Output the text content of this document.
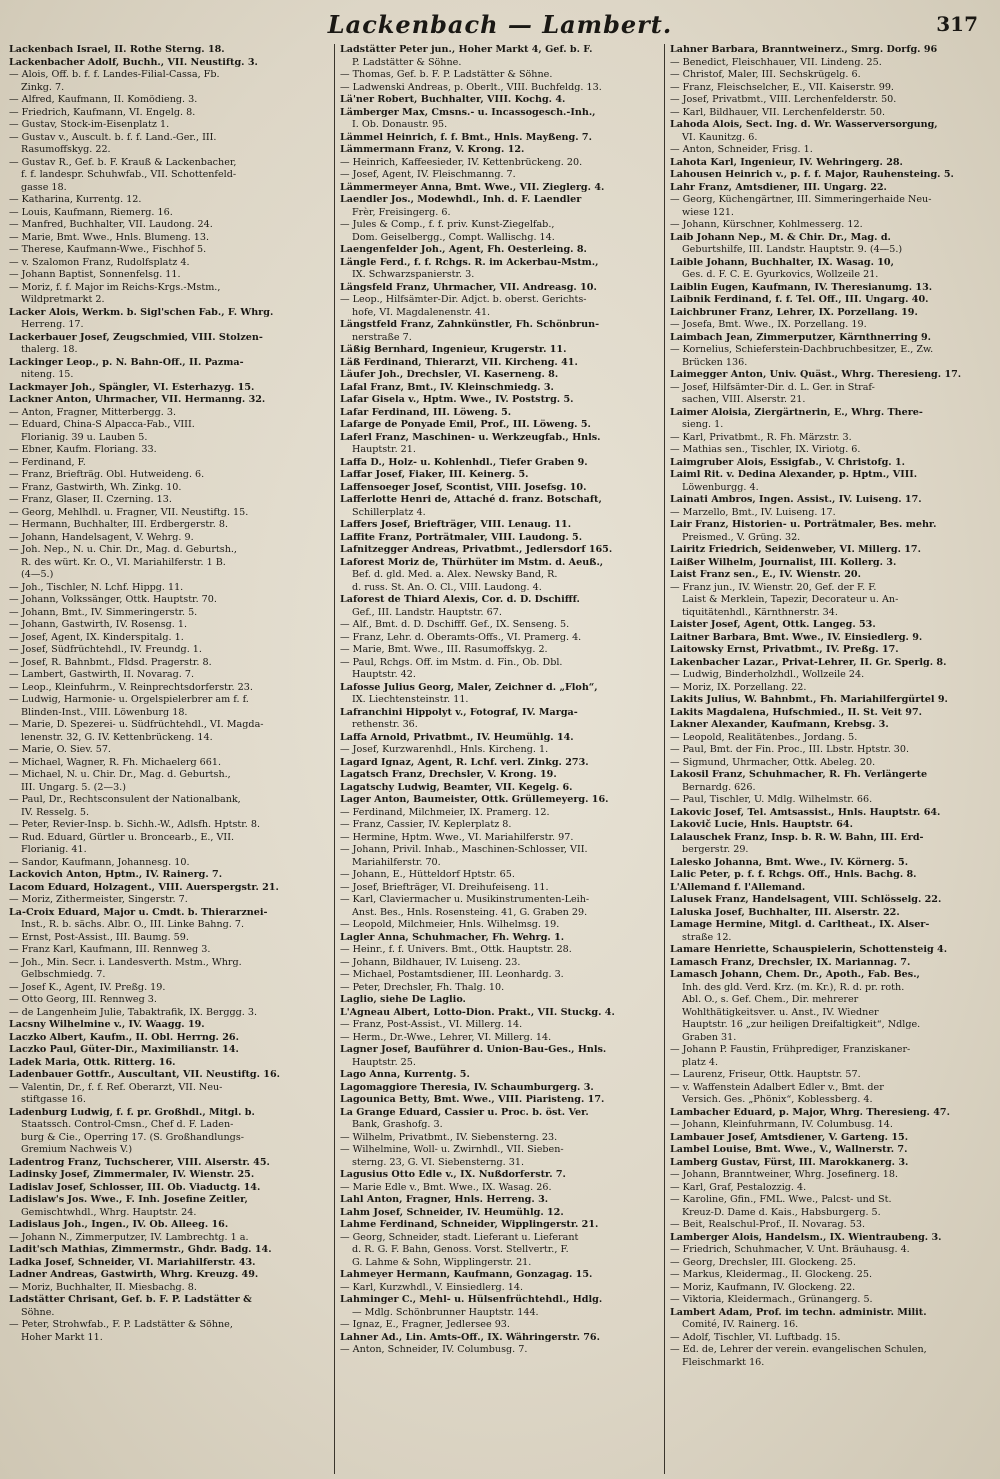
Lackenbach — Lambert.	317
Lackenbach Israel, II. Rothe Sterng. 18.
Lackenbacher Adolf, Buchh., VII. Neustiftg. 3.
— Alois, Off. b. f. f. Landes-Filial-Cassa, Fb.
Zinkg. 7.
— Alfred, Kaufmann, II. Komödieng. 3.
— Friedrich, Kaufmann, VI. Engelg. 8.
— Gustav, Stock-im-Eisenplatz 1.
— Gustav v., Auscult. b. f. f. Land.-Ger., III.
Rasumoffskyg. 22.
— Gustav R., Gef. b. F. Krauß & Lackenbacher,
f. f. landespr. Schuhwfab., VII. Schottenfeld-
gasse 18.
— Katharina, Kurrentg. 12.
— Louis, Kaufmann, Riemerg. 16.
— Manfred, Buchhalter, VII. Laudong. 24.
— Marie, Bmt. Wwe., Hnls. Blumeng. 13.
— Therese, Kaufmann-Wwe., Fischhof 5.
— v. Szalomon Franz, Rudolfsplatz 4.
— Johann Baptist, Sonnenfelsg. 11.
— Moriz, f. f. Major im Reichs-Krgs.-Mstm.,
Wildpretmarkt 2.
Lacker Alois, Werkm. b. Sigl'schen Fab., F. Whrg.
Herreng. 17.
Lackerbauer Josef, Zeugschmied, VIII. Stolzen-
thalerg. 18.
Lackinger Leop., p. N. Bahn-Off., II. Pazma-
niteng. 15.
Lackmayer Joh., Spängler, VI. Esterhazyg. 15.
Lackner Anton, Uhrmacher, VII. Hermanng. 32.
— Anton, Fragner, Mitterbergg. 3.
— Eduard, China-S Alpacca-Fab., VIII.
Florianig. 39 u. Lauben 5.
— Ebner, Kaufm. Floriang. 33.
— Ferdinand, F.
— Franz, Briefträg. Obl. Hutweideng. 6.
— Franz, Gastwirth, Wh. Zinkg. 10.
— Franz, Glaser, II. Czerning. 13.
— Georg, Mehlhdl. u. Fragner, VII. Neustiftg. 15.
— Hermann, Buchhalter, III. Erdbergerstr. 8.
— Johann, Handelsagent, V. Wehrg. 9.
— Joh. Nep., N. u. Chir. Dr., Mag. d. Geburtsh.,
R. des würt. Kr. O., VI. Mariahilferstr. 1 B.
(4—5.)
— Joh., Tischler, N. Lchf. Hippg. 11.
— Johann, Volkssänger, Ottk. Hauptstr. 70.
— Johann, Bmt., IV. Simmeringerstr. 5.
— Johann, Gastwirth, IV. Rosensg. 1.
— Josef, Agent, IX. Kinderspitalg. 1.
— Josef, Südfrüchtehdl., IV. Freundg. 1.
— Josef, R. Bahnbmt., Fldsd. Pragerstr. 8.
— Lambert, Gastwirth, II. Novarag. 7.
— Leop., Kleinfuhrm., V. Reinprechtsdorferstr. 23.
— Ludwig, Harmonie- u. Orgelspielerbrer am f. f.
Blinden-Inst., VIII. Löwenburg 18.
— Marie, D. Spezerei- u. Südfrüchtehdl., VI. Magda-
lenenstr. 32, G. IV. Kettenbrückeng. 14.
— Marie, O. Siev. 57.
— Michael, Wagner, R. Fh. Michaelerg 661.
— Michael, N. u. Chir. Dr., Mag. d. Geburtsh.,
III. Ungarg. 5. (2—3.)
— Paul, Dr., Rechtsconsulent der Nationalbank,
IV. Resselg. 5.
— Peter, Revier-Insp. b. Sichh.-W., Adlsfh. Hptstr. 8.
— Rud. Eduard, Gürtler u. Broncearb., E., VII.
Florianig. 41.
— Sandor, Kaufmann, Johannesg. 10.
Lackovich Anton, Hptm., IV. Rainerg. 7.
Lacom Eduard, Holzagent., VIII. Auerspergstr. 21.
— Moriz, Zithermeister, Singerstr. 7.
La-Croix Eduard, Major u. Cmdt. b. Thierarznei-
Inst., R. b. sächs. Albr. O., III. Linke Bahng. 7.
— Ernst, Post-Assist., III. Baumg. 59.
— Franz Karl, Kaufmann, III. Rennweg 3.
— Joh., Min. Secr. i. Landesverth. Mstm., Whrg.
Gelbschmiedg. 7.
— Josef K., Agent, IV. Preßg. 19.
— Otto Georg, III. Rennweg 3.
— de Langenheim Julie, Tabaktrafik, IX. Berggg. 3.
Lacsny Wilhelmine v., IV. Waagg. 19.
Laczko Albert, Kaufm., II. Obl. Herrng. 26.
Laczko Paul, Güter-Dir., Maximilianstr. 14.
Ladek Maria, Ottk. Ritterg. 16.
Ladenbauer Gottfr., Auscultant, VII. Neustiftg. 16.
— Valentin, Dr., f. f. Ref. Oberarzt, VII. Neu-
stiftgasse 16.
Ladenburg Ludwig, f. f. pr. Großhdl., Mitgl. b.
Staatssch. Control-Cmsn., Chef d. F. Laden-
burg & Cie., Operring 17. (S. Großhandlungs-
Gremium Nachweis V.)
Ladentrog Franz, Tuchscherer, VIII. Alserstr. 45.
Ladinsky Josef, Zimmermaler, IV. Wienstr. 25.
Ladislav Josef, Schlosser, III. Ob. Viaductg. 14.
Ladislaw's Jos. Wwe., F. Inh. Josefine Zeitler,
Gemischtwhdl., Whrg. Hauptstr. 24.
Ladislaus Joh., Ingen., IV. Ob. Alleeg. 16.
— Johann N., Zimmerputzer, IV. Lambrechtg. 1 a.
Ladit'sch Mathias, Zimmermstr., Ghdr. Badg. 14.
Ladka Josef, Schneider, VI. Mariahilferstr. 43.
Ladner Andreas, Gastwirth, Whrg. Kreuzg. 49.
— Moriz, Buchhalter, II. Miesbachg. 8.
Ladstätter Chrisant, Gef. b. F. P. Ladstätter &
Söhne.
— Peter, Strohwfab., F. P. Ladstätter & Söhne,
Hoher Markt 11.
Ladstätter Peter jun., Hoher Markt 4, Gef. b. F.
P. Ladstätter & Söhne.
— Thomas, Gef. b. F. P. Ladstätter & Söhne.
— Ladwenski Andreas, p. Oberlt., VIII. Buchfeldg. 13.
Lä'ner Robert, Buchhalter, VIII. Kochg. 4.
Lämberger Max, Cmsns.- u. Incassogesch.-Inh.,
I. Ob. Donaustr. 95.
Lämmel Heinrich, f. f. Bmt., Hnls. Mayßeng. 7.
Lämmermann Franz, V. Krong. 12.
— Heinrich, Kaffeesieder, IV. Kettenbrückeng. 20.
— Josef, Agent, IV. Fleischmanng. 7.
Lämmermeyer Anna, Bmt. Wwe., VII. Zieglerg. 4.
Laendler Jos., Modewhdl., Inh. d. F. Laendler
Frèr, Freisingerg. 6.
— Jules & Comp., f. f. priv. Kunst-Ziegelfab.,
Dom. Geiselbergg., Compt. Wallischg. 14.
Laengenfelder Joh., Agent, Fh. Oesterleing. 8.
Längle Ferd., f. f. Rchgs. R. im Ackerbau-Mstm.,
IX. Schwarzspanierstr. 3.
Längsfeld Franz, Uhrmacher, VII. Andreasg. 10.
— Leop., Hilfsämter-Dir. Adjct. b. oberst. Gerichts-
hofe, VI. Magdalenenstr. 41.
Längstfeld Franz, Zahnkünstler, Fh. Schönbrun-
nerstraße 7.
Läßig Bernhard, Ingenieur, Krugerstr. 11.
Läß Ferdinand, Thierarzt, VII. Kircheng. 41.
Läufer Joh., Drechsler, VI. Kaserneng. 8.
Lafal Franz, Bmt., IV. Kleinschmiedg. 3.
Lafar Gisela v., Hptm. Wwe., IV. Poststrg. 5.
Lafar Ferdinand, III. Löweng. 5.
Lafarge de Ponyade Emil, Prof., III. Löweng. 5.
Laferl Franz, Maschinen- u. Werkzeugfab., Hnls.
Hauptstr. 21.
Laffa D., Holz- u. Kohlenhdl., Tiefer Graben 9.
Laffar Josef, Fiaker, III. Keinerg. 5.
Laffensoeger Josef, Scontist, VIII. Josefsg. 10.
Lafferlotte Henri de, Attaché d. franz. Botschaft,
Schillerplatz 4.
Laffers Josef, Briefträger, VIII. Lenaug. 11.
Laffite Franz, Porträtmaler, VIII. Laudong. 5.
Lafnitzegger Andreas, Privatbmt., Jedlersdorf 165.
Laforest Moriz de, Thürhüter im Mstm. d. Aeuß.,
Bef. d. gld. Med. a. Alex. Newsky Band, R.
d. russ. St. An. O. Cl., VIII. Laudong. 4.
Laforest de Thiard Alexis, Cor. d. D. Dschifff.
Gef., III. Landstr. Hauptstr. 67.
— Alf., Bmt. d. D. Dschifff. Gef., IX. Senseng. 5.
— Franz, Lehr. d. Oberamts-Offs., VI. Pramerg. 4.
— Marie, Bmt. Wwe., III. Rasumoffskyg. 2.
— Paul, Rchgs. Off. im Mstm. d. Fin., Ob. Dbl.
Hauptstr. 42.
Lafosse Julius Georg, Maler, Zeichner d. „Floh“,
IX. Liechtensteinstr. 11.
Lafranchini Hippolyt v., Fotograf, IV. Marga-
rethenstr. 36.
Laffa Arnold, Privatbmt., IV. Heumühlg. 14.
— Josef, Kurzwarenhdl., Hnls. Kircheng. 1.
Lagard Ignaz, Agent, R. Lchf. verl. Zinkg. 273.
Lagatsch Franz, Drechsler, V. Krong. 19.
Lagatschy Ludwig, Beamter, VII. Kegelg. 6.
Lager Anton, Baumeister, Ottk. Grüllemeyerg. 16.
— Ferdinand, Milchmeier, IX. Pramerg. 12.
— Franz, Cassier, IV. Keplerplatz 8.
— Hermine, Hptm. Wwe., VI. Mariahilferstr. 97.
— Johann, Privil. Inhab., Maschinen-Schlosser, VII.
Mariahilferstr. 70.
— Johann, E., Hütteldorf Hptstr. 65.
— Josef, Briefträger, VI. Dreihufeiseng. 11.
— Karl, Claviermacher u. Musikinstrumenten-Leih-
Anst. Bes., Hnls. Rosensteing. 41, G. Graben 29.
— Leopold, Milchmeier, Hnls. Wilhelmsg. 19.
Lagler Anna, Schuhmacher, Fh. Wehrg. 1.
— Heinr., f. f. Univers. Bmt., Ottk. Hauptstr. 28.
— Johann, Bildhauer, IV. Luiseng. 23.
— Michael, Postamtsdiener, III. Leonhardg. 3.
— Peter, Drechsler, Fh. Thalg. 10.
Laglio, siehe De Laglio.
L'Agneau Albert, Lotto-Dion. Prakt., VII. Stuckg. 4.
— Franz, Post-Assist., VI. Millerg. 14.
— Herm., Dr.-Wwe., Lehrer, VI. Millerg. 14.
Lagner Josef, Bauführer d. Union-Bau-Ges., Hnls.
Hauptstr. 25.
Lago Anna, Kurrentg. 5.
Lagomaggiore Theresia, IV. Schaumburgerg. 3.
Lagounica Betty, Bmt. Wwe., VIII. Piaristeng. 17.
La Grange Eduard, Cassier u. Proc. b. öst. Ver.
Bank, Grashofg. 3.
— Wilhelm, Privatbmt., IV. Siebensterng. 23.
— Wilhelmine, Woll- u. Zwirnhdl., VII. Sieben-
sterng. 23, G. VI. Siebensterng. 31.
Lagusius Otto Edle v., IX. Nußdorferstr. 7.
— Marie Edle v., Bmt. Wwe., IX. Wasag. 26.
Lahl Anton, Fragner, Hnls. Herreng. 3.
Lahm Josef, Schneider, IV. Heumühlg. 12.
Lahme Ferdinand, Schneider, Wipplingerstr. 21.
— Georg, Schneider, stadt. Lieferant u. Lieferant
d. R. G. F. Bahn, Genoss. Vorst. Stellvertr., F.
G. Lahme & Sohn, Wipplingerstr. 21.
Lahmeyer Hermann, Kaufmann, Gonzagag. 15.
— Karl, Kurzwhdl., V. Einsiedlerg. 14.
Lahminger C., Mehl- u. Hülsenfrüchtehdl., Hdlg.
— Mdlg. Schönbrunner Hauptstr. 144.
— Ignaz, E., Fragner, Jedlersee 93.
Lahner Ad., Lin. Amts-Off., IX. Währingerstr. 76.
— Anton, Schneider, IV. Columbusg. 7.
Lahner Barbara, Branntweinerz., Smrg. Dorfg. 96
— Benedict, Fleischhauer, VII. Lindeng. 25.
— Christof, Maler, III. Sechskrügelg. 6.
— Franz, Fleischselcher, E., VII. Kaiserstr. 99.
— Josef, Privatbmt., VIII. Lerchenfelderstr. 50.
— Karl, Bildhauer, VII. Lerchenfelderstr. 50.
Lahoda Alois, Sect. Ing. d. Wr. Wasserversorgung,
VI. Kaunitzg. 6.
— Anton, Schneider, Frisg. 1.
Lahota Karl, Ingenieur, IV. Wehringerg. 28.
Lahousen Heinrich v., p. f. f. Major, Rauhensteing. 5.
Lahr Franz, Amtsdiener, III. Ungarg. 22.
— Georg, Küchengärtner, III. Simmeringerhaide Neu-
wiese 121.
— Johann, Kürschner, Kohlmesserg. 12.
Laib Johann Nep., M. & Chir. Dr., Mag. d.
Geburtshilfe, III. Landstr. Hauptstr. 9. (4—5.)
Laible Johann, Buchhalter, IX. Wasag. 10,
Ges. d. F. C. E. Gyurkovics, Wollzeile 21.
Laiblin Eugen, Kaufmann, IV. Theresianumg. 13.
Laibnik Ferdinand, f. f. Tel. Off., III. Ungarg. 40.
Laichbruner Franz, Lehrer, IX. Porzellang. 19.
— Josefa, Bmt. Wwe., IX. Porzellang. 19.
Laimbach Jean, Zimmerputzer, Kärnthnerring 9.
— Kornelius, Schieferstein-Dachbruchbesitzer, E., Zw.
Brücken 136.
Laimegger Anton, Univ. Quäst., Whrg. Theresieng. 17.
— Josef, Hilfsämter-Dir. d. L. Ger. in Straf-
sachen, VIII. Alserstr. 21.
Laimer Aloisia, Ziergärtnerin, E., Whrg. There-
sieng. 1.
— Karl, Privatbmt., R. Fh. Märzstr. 3.
— Mathias sen., Tischler, IX. Viriotg. 6.
Laimgruber Alois, Essigfab., V. Christofg. 1.
Laiml Rit. v. Dedina Alexander, p. Hptm., VIII.
Löwenburgg. 4.
Lainati Ambros, Ingen. Assist., IV. Luiseng. 17.
— Marzello, Bmt., IV. Luiseng. 17.
Lair Franz, Historien- u. Porträtmaler, Bes. mehr.
Preismed., V. Grüng. 32.
Lairitz Friedrich, Seidenweber, VI. Millerg. 17.
Laißer Wilhelm, Journalist, III. Kollerg. 3.
Laist Franz sen., E., IV. Wienstr. 20.
— Franz jun., IV. Wienstr. 20, Gef. der F. F.
Laist & Merklein, Tapezir, Decorateur u. An-
tiquitätenhdl., Kärnthnerstr. 34.
Laister Josef, Agent, Ottk. Langeg. 53.
Laitner Barbara, Bmt. Wwe., IV. Einsiedlerg. 9.
Laitowsky Ernst, Privatbmt., IV. Preßg. 17.
Lakenbacher Lazar., Privat-Lehrer, II. Gr. Sperlg. 8.
— Ludwig, Binderholzhdl., Wollzeile 24.
— Moriz, IX. Porzellang. 22.
Lakits Julius, W. Bahnbmt., Fh. Mariahilfergürtel 9.
Lakits Magdalena, Hufschmied., II. St. Veit 97.
Lakner Alexander, Kaufmann, Krebsg. 3.
— Leopold, Realitätenbes., Jordang. 5.
— Paul, Bmt. der Fin. Proc., III. Lbstr. Hptstr. 30.
— Sigmund, Uhrmacher, Ottk. Abeleg. 20.
Lakosil Franz, Schuhmacher, R. Fh. Verlängerte
Bernardg. 626.
— Paul, Tischler, U. Mdlg. Wilhelmstr. 66.
Lakovic Josef, Tel. Amtsassist., Hnls. Hauptstr. 64.
Lakovič Lucie, Hnls. Hauptstr. 64.
Lalauschek Franz, Insp. b. R. W. Bahn, III. Erd-
bergerstr. 29.
Lalesko Johanna, Bmt. Wwe., IV. Körnerg. 5.
Lalic Peter, p. f. f. Rchgs. Off., Hnls. Bachg. 8.
L'Allemand f. l'Allemand.
Lalusek Franz, Handelsagent, VIII. Schlösselg. 22.
Laluska Josef, Buchhalter, III. Alserstr. 22.
Lamage Hermine, Mitgl. d. Carltheat., IX. Alser-
straße 12.
Lamare Henriette, Schauspielerin, Schottensteig 4.
Lamasch Franz, Drechsler, IX. Mariannag. 7.
Lamasch Johann, Chem. Dr., Apoth., Fab. Bes.,
Inh. des gld. Verd. Krz. (m. Kr.), R. d. pr. roth.
Abl. O., s. Gef. Chem., Dir. mehrerer
Wohlthätigkeitsver. u. Anst., IV. Wiedner
Hauptstr. 16 „zur heiligen Dreifaltigkeit“, Ndlge.
Graben 31.
— Johann P. Faustin, Frühprediger, Franziskaner-
platz 4.
— Laurenz, Friseur, Ottk. Hauptstr. 57.
— v. Waffenstein Adalbert Edler v., Bmt. der
Versich. Ges. „Phönix“, Koblessberg. 4.
Lambacher Eduard, p. Major, Whrg. Theresieng. 47.
— Johann, Kleinfuhrmann, IV. Columbusg. 14.
Lambauer Josef, Amtsdiener, V. Garteng. 15.
Lambel Louise, Bmt. Wwe., V., Wallnerstr. 7.
Lamberg Gustav, Fürst, III. Marokkanerg. 3.
— Johann, Branntweiner, Whrg. Josefinerg. 18.
— Karl, Graf, Pestalozzig. 4.
— Karoline, Gfin., FML. Wwe., Palcst- und St.
Kreuz-D. Dame d. Kais., Habsburgerg. 5.
— Beit, Realschul-Prof., II. Novarag. 53.
Lamberger Alois, Handelsm., IX. Wientraubeng. 3.
— Friedrich, Schuhmacher, V. Unt. Bräuhausg. 4.
— Georg, Drechsler, III. Glockeng. 25.
— Markus, Kleidermag., II. Glockeng. 25.
— Moriz, Kaufmann, IV. Glockeng. 22.
— Viktoria, Kleidermach., Grünangerg. 5.
Lambert Adam, Prof. im techn. administr. Milit.
Comité, IV. Rainerg. 16.
— Adolf, Tischler, VI. Luftbadg. 15.
— Ed. de, Lehrer der verein. evangelischen Schulen,
Fleischmarkt 16.
